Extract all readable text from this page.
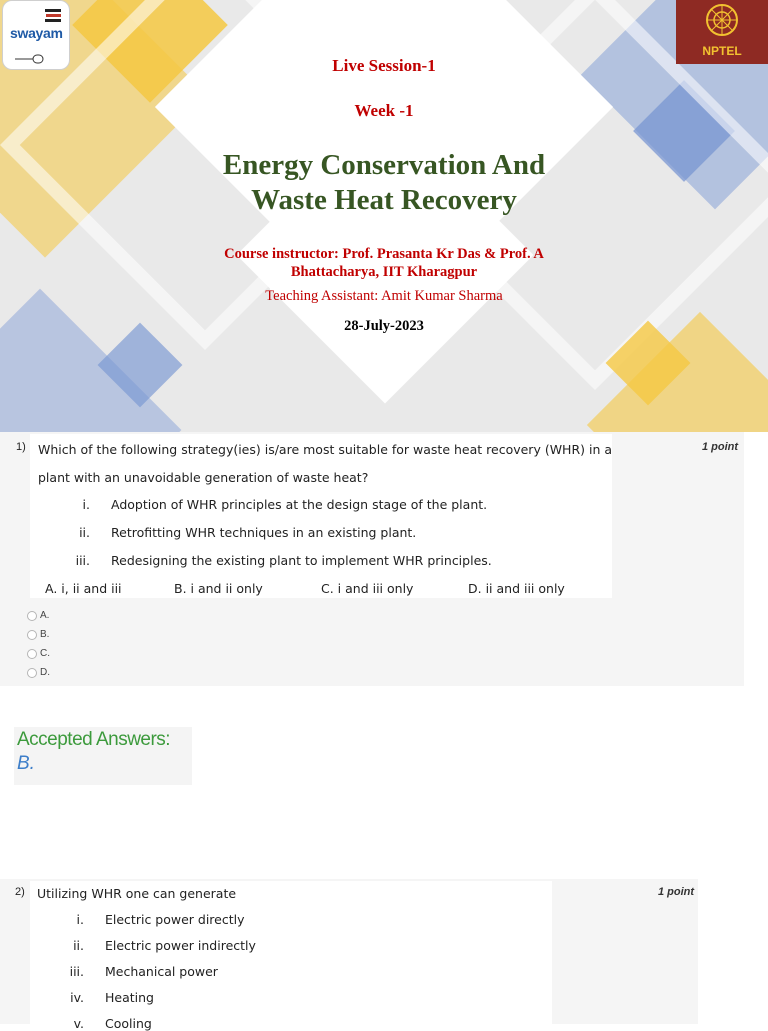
swayam
NPTEL
Live Session-1
Week -1
Energy Conservation And
Waste Heat Recovery
Course instructor: Prof. Prasanta Kr Das & Prof. A
Bhattacharya, IIT Kharagpur
Teaching Assistant: Amit Kumar Sharma
28-July-2023
1)	1 point
Which of the following strategy(ies) is/are most suitable for waste heat recovery (WHR) in a
plant with an unavoidable generation of waste heat?
i. Adoption of WHR principles at the design stage of the plant.
ii. Retrofitting WHR techniques in an existing plant.
iii. Redesigning the existing plant to implement WHR principles.
A. i, ii and iii	B. i and ii only	C. i and iii only	D. ii and iii only
A.
B.
C.
D.
Accepted Answers:
B.
2)	1 point
Utilizing WHR one can generate
i. Electric power directly
ii. Electric power indirectly
iii. Mechanical power
iv. Heating
v. Cooling
